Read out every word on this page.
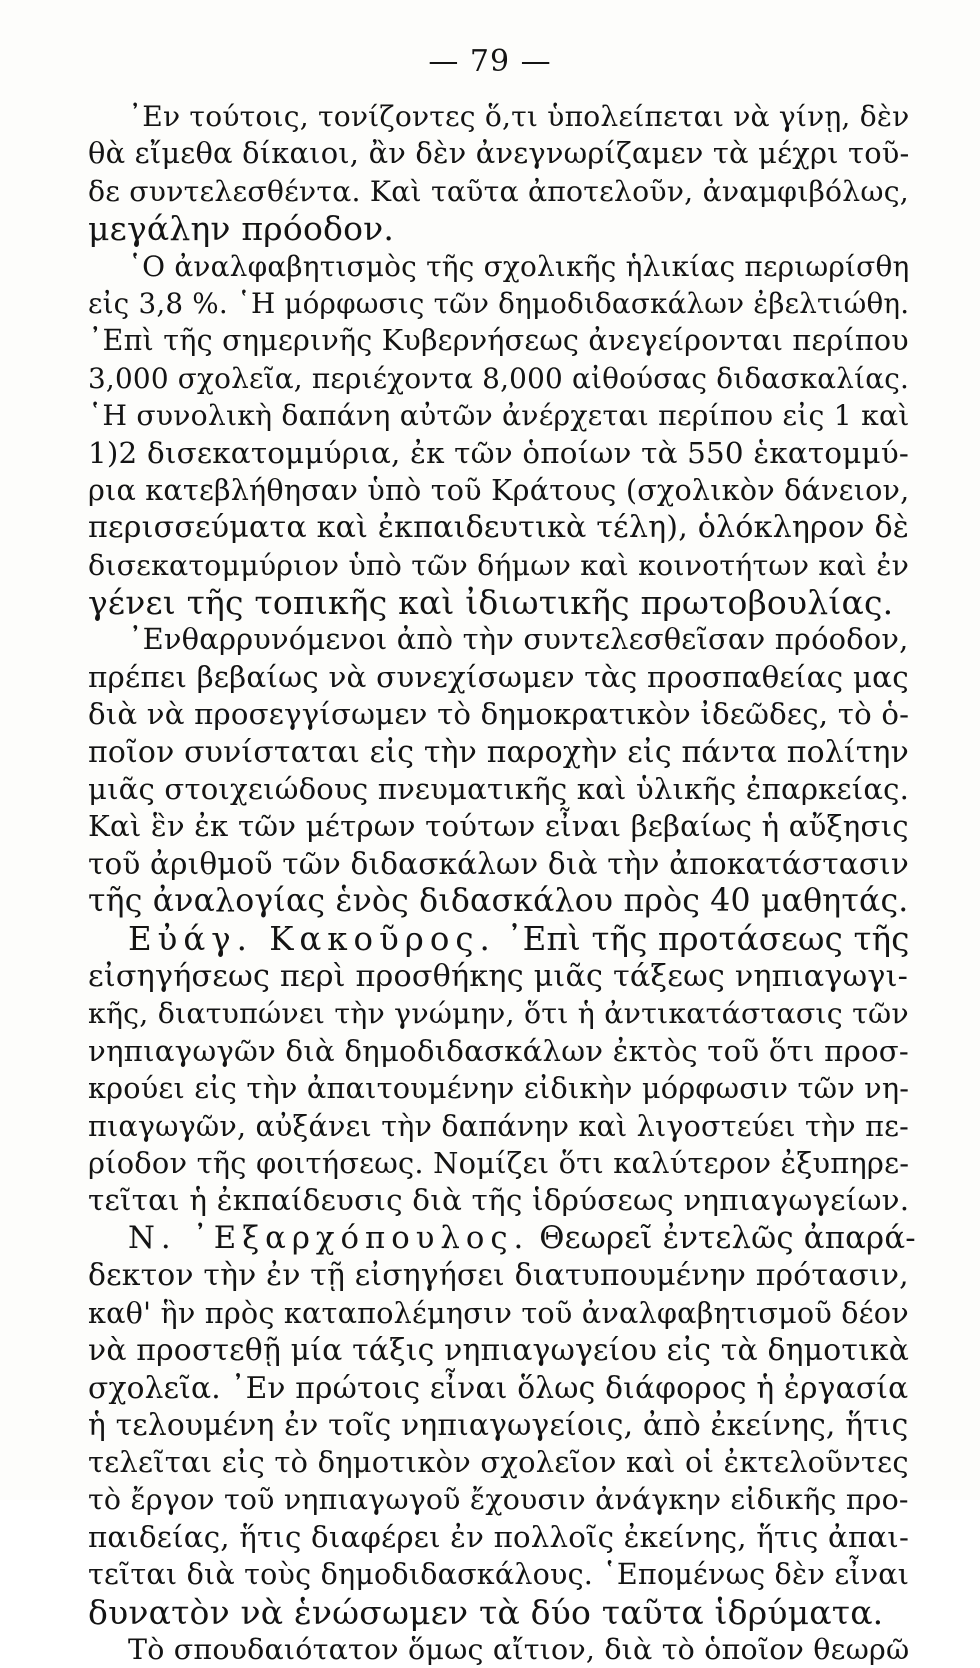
— 79 —
᾿Εν τούτοις, τονίζοντες ὅ,τι ὑπολείπεται νὰ γίνῃ, δὲν
θὰ εἴμεθα δίκαιοι, ἂν δὲν ἀνεγνωρίζαμεν τὰ μέχρι τοῦ-
δε συντελεσθέντα. Καὶ ταῦτα ἀποτελοῦν, ἀναμφιβόλως,
μεγάλην πρόοδον.
῾Ο ἀναλφαβητισμὸς τῆς σχολικῆς ἡλικίας περιωρίσθη
εἰς 3,8 %. ῾Η μόρφωσις τῶν δημοδιδασκάλων ἐβελτιώθη.
᾿Επὶ τῆς σημερινῆς Κυβερνήσεως ἀνεγείρονται περίπου
3,000 σχολεῖα, περιέχοντα 8,000 αἰθούσας διδασκαλίας.
῾Η συνολικὴ δαπάνη αὐτῶν ἀνέρχεται περίπου εἰς 1 καὶ
1)2 δισεκατομμύρια, ἐκ τῶν ὁποίων τὰ 550 ἑκατομμύ-
ρια κατεβλήθησαν ὑπὸ τοῦ Κράτους (σχολικὸν δάνειον,
περισσεύματα καὶ ἐκπαιδευτικὰ τέλη), ὁλόκληρον δὲ
δισεκατομμύριον ὑπὸ τῶν δήμων καὶ κοινοτήτων καὶ ἐν
γένει τῆς τοπικῆς καὶ ἰδιωτικῆς πρωτοβουλίας.
᾿Ενθαρρυνόμενοι ἀπὸ τὴν συντελεσθεῖσαν πρόοδον,
πρέπει βεβαίως νὰ συνεχίσωμεν τὰς προσπαθείας μας
διὰ νὰ προσεγγίσωμεν τὸ δημοκρατικὸν ἰδεῶδες, τὸ ὁ-
ποῖον συνίσταται εἰς τὴν παροχὴν εἰς πάντα πολίτην
μιᾶς στοιχειώδους πνευματικῆς καὶ ὑλικῆς ἐπαρκείας.
Καὶ ἓν ἐκ τῶν μέτρων τούτων εἶναι βεβαίως ἡ αὔξησις
τοῦ ἀριθμοῦ τῶν διδασκάλων διὰ τὴν ἀποκατάστασιν
τῆς ἀναλογίας ἑνὸς διδασκάλου πρὸς 40 μαθητάς.
Εὐάγ. Κακοῦρος. ᾿Επὶ τῆς προτάσεως τῆς
εἰσηγήσεως περὶ προσθήκης μιᾶς τάξεως νηπιαγωγι-
κῆς, διατυπώνει τὴν γνώμην, ὅτι ἡ ἀντικατάστασις τῶν
νηπιαγωγῶν διὰ δημοδιδασκάλων ἐκτὸς τοῦ ὅτι προσ-
κρούει εἰς τὴν ἀπαιτουμένην εἰδικὴν μόρφωσιν τῶν νη-
πιαγωγῶν, αὐξάνει τὴν δαπάνην καὶ λιγοστεύει τὴν πε-
ρίοδον τῆς φοιτήσεως. Νομίζει ὅτι καλύτερον ἐξυπηρε-
τεῖται ἡ ἐκπαίδευσις διὰ τῆς ἱδρύσεως νηπιαγωγείων.
Ν. ᾿Εξαρχόπουλος. Θεωρεῖ ἐντελῶς ἀπαρά-
δεκτον τὴν ἐν τῇ εἰσηγήσει διατυπουμένην πρότασιν,
καθ' ἣν πρὸς καταπολέμησιν τοῦ ἀναλφαβητισμοῦ δέον
νὰ προστεθῇ μία τάξις νηπιαγωγείου εἰς τὰ δημοτικὰ
σχολεῖα. ᾿Εν πρώτοις εἶναι ὅλως διάφορος ἡ ἐργασία
ἡ τελουμένη ἐν τοῖς νηπιαγωγείοις, ἀπὸ ἐκείνης, ἥτις
τελεῖται εἰς τὸ δημοτικὸν σχολεῖον καὶ οἱ ἐκτελοῦντες
τὸ ἔργον τοῦ νηπιαγωγοῦ ἔχουσιν ἀνάγκην εἰδικῆς προ-
παιδείας, ἥτις διαφέρει ἐν πολλοῖς ἐκείνης, ἥτις ἀπαι-
τεῖται διὰ τοὺς δημοδιδασκάλους. ῾Επομένως δὲν εἶναι
δυνατὸν νὰ ἑνώσωμεν τὰ δύο ταῦτα ἱδρύματα.
Τὸ σπουδαιότατον ὅμως αἴτιον, διὰ τὸ ὁποῖον θεωρῶ
